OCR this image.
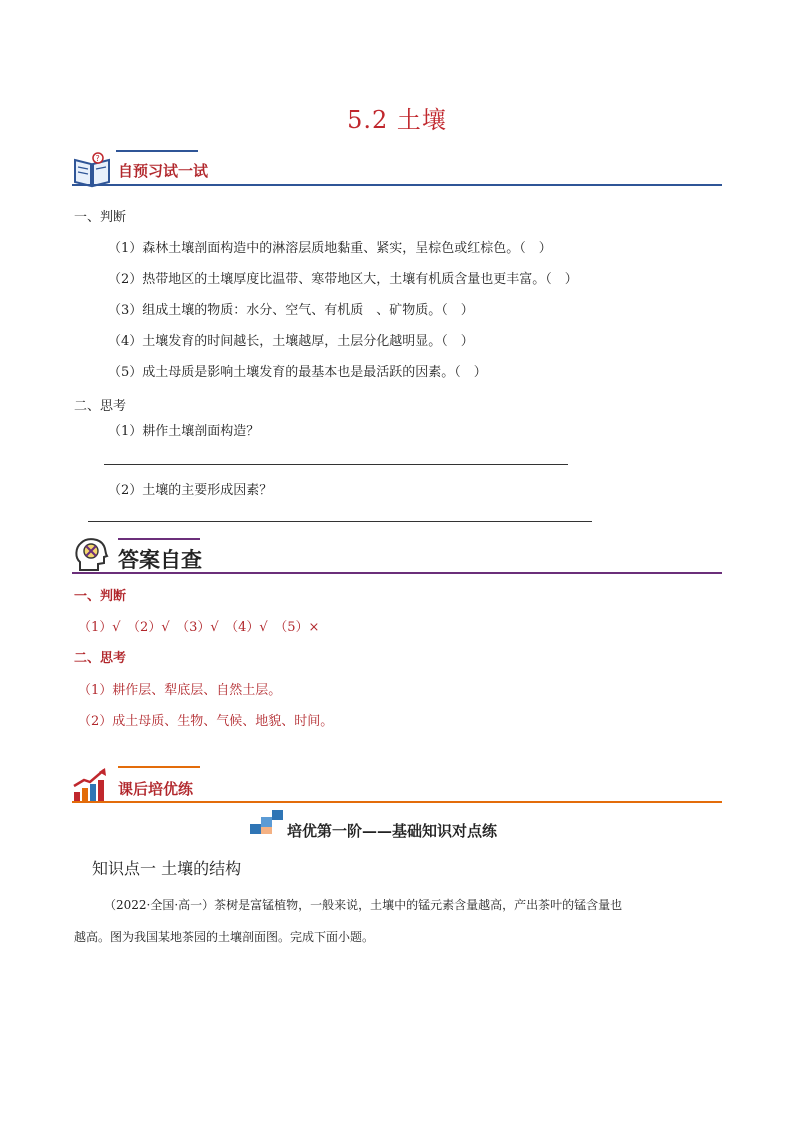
5.2 土壤
?
自预习试一试
一、判断
（1）森林土壤剖面构造中的淋溶层质地黏重、紧实，呈棕色或红棕色。（　）
（2）热带地区的土壤厚度比温带、寒带地区大，土壤有机质含量也更丰富。（　）
（3）组成土壤的物质：水分、空气、有机质　、矿物质。（　）
（4）土壤发育的时间越长，土壤越厚，土层分化越明显。（　）
（5）成土母质是影响土壤发育的最基本也是最活跃的因素。（　）
二、思考
（1）耕作土壤剖面构造？
（2）土壤的主要形成因素？
答案自查
一、判断
（1）√　（2）√　（3）√　（4）√　（5）×
二、思考
（1）耕作层、犁底层、自然土层。
（2）成土母质、生物、气候、地貌、时间。
课后培优练
培优第一阶——基础知识对点练
知识点一 土壤的结构
（2022·全国·高一）茶树是富锰植物，一般来说，土壤中的锰元素含量越高，产出茶叶的锰含量也
越高。图为我国某地茶园的土壤剖面图。完成下面小题。
